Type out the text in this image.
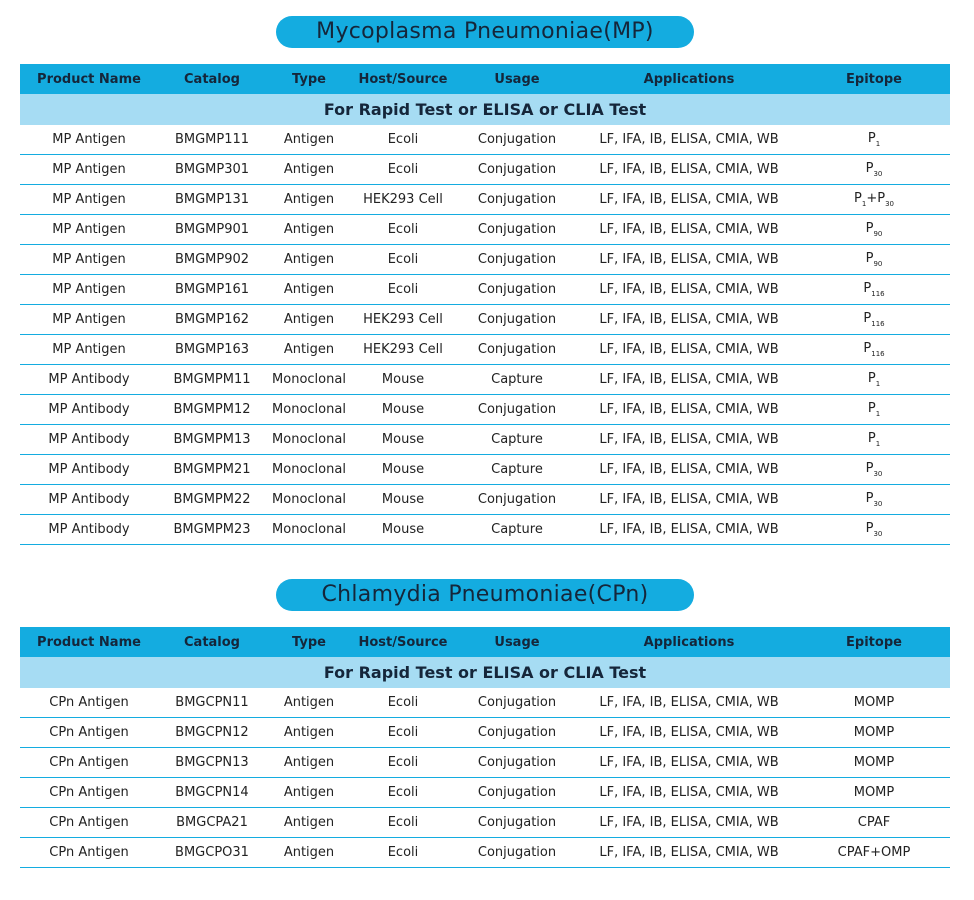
Mycoplasma Pneumoniae(MP)
Product Name	Catalog	Type	Host/Source	Usage	Applications	Epitope
For Rapid Test or ELISA or CLIA Test						
MP Antigen	BMGMP111	Antigen	Ecoli	Conjugation	LF, IFA, IB, ELISA, CMIA, WB	$P_1$
MP Antigen	BMGMP301	Antigen	Ecoli	Conjugation	LF, IFA, IB, ELISA, CMIA, WB	$P_{30}$
MP Antigen	BMGMP131	Antigen	HEK293 Cell	Conjugation	LF, IFA, IB, ELISA, CMIA, WB	$P_1+P_{30}$
MP Antigen	BMGMP901	Antigen	Ecoli	Conjugation	LF, IFA, IB, ELISA, CMIA, WB	$P_{90}$
MP Antigen	BMGMP902	Antigen	Ecoli	Conjugation	LF, IFA, IB, ELISA, CMIA, WB	$P_{90}$
MP Antigen	BMGMP161	Antigen	Ecoli	Conjugation	LF, IFA, IB, ELISA, CMIA, WB	$P_{116}$
MP Antigen	BMGMP162	Antigen	HEK293 Cell	Conjugation	LF, IFA, IB, ELISA, CMIA, WB	$P_{116}$
MP Antigen	BMGMP163	Antigen	HEK293 Cell	Conjugation	LF, IFA, IB, ELISA, CMIA, WB	$P_{116}$
MP Antibody	BMGMPM11	Monoclonal	Mouse	Capture	LF, IFA, IB, ELISA, CMIA, WB	$P_1$
MP Antibody	BMGMPM12	Monoclonal	Mouse	Conjugation	LF, IFA, IB, ELISA, CMIA, WB	$P_1$
MP Antibody	BMGMPM13	Monoclonal	Mouse	Capture	LF, IFA, IB, ELISA, CMIA, WB	$P_1$
MP Antibody	BMGMPM21	Monoclonal	Mouse	Capture	LF, IFA, IB, ELISA, CMIA, WB	$P_{30}$
MP Antibody	BMGMPM22	Monoclonal	Mouse	Conjugation	LF, IFA, IB, ELISA, CMIA, WB	$P_{30}$
MP Antibody	BMGMPM23	Monoclonal	Mouse	Capture	LF, IFA, IB, ELISA, CMIA, WB	$P_{30}$
Chlamydia Pneumoniae(CPn)
Product Name	Catalog	Type	Host/Source	Usage	Applications	Epitope
For Rapid Test or ELISA or CLIA Test						
CPn Antigen	BMGCPN11	Antigen	Ecoli	Conjugation	LF, IFA, IB, ELISA, CMIA, WB	MOMP
CPn Antigen	BMGCPN12	Antigen	Ecoli	Conjugation	LF, IFA, IB, ELISA, CMIA, WB	MOMP
CPn Antigen	BMGCPN13	Antigen	Ecoli	Conjugation	LF, IFA, IB, ELISA, CMIA, WB	MOMP
CPn Antigen	BMGCPN14	Antigen	Ecoli	Conjugation	LF, IFA, IB, ELISA, CMIA, WB	MOMP
CPn Antigen	BMGCPA21	Antigen	Ecoli	Conjugation	LF, IFA, IB, ELISA, CMIA, WB	CPAF
CPn Antigen	BMGCPO31	Antigen	Ecoli	Conjugation	LF, IFA, IB, ELISA, CMIA, WB	CPAF+OMP
